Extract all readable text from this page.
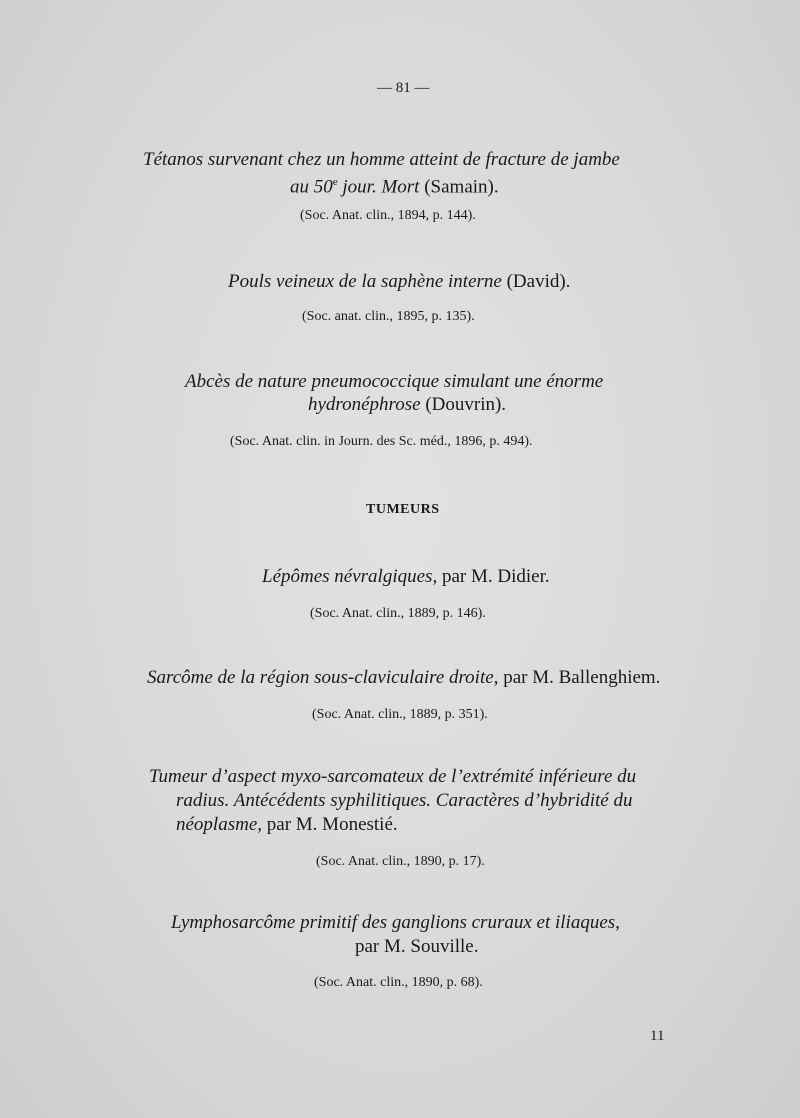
— 81 —
Tétanos survenant chez un homme atteint de fracture de jambe
au 50e jour. Mort (Samain).
(Soc. Anat. clin., 1894, p. 144).
Pouls veineux de la saphène interne (David).
(Soc. anat. clin., 1895, p. 135).
Abcès de nature pneumococcique simulant une énorme
hydronéphrose (Douvrin).
(Soc. Anat. clin. in Journ. des Sc. méd., 1896, p. 494).
TUMEURS
Lépômes névralgiques, par M. Didier.
(Soc. Anat. clin., 1889, p. 146).
Sarcôme de la région sous-claviculaire droite, par M. Ballenghiem.
(Soc. Anat. clin., 1889, p. 351).
Tumeur d’aspect myxo-sarcomateux de l’extrémité inférieure du
radius. Antécédents syphilitiques. Caractères d’hybridité du
néoplasme, par M. Monestié.
(Soc. Anat. clin., 1890, p. 17).
Lymphosarcôme primitif des ganglions cruraux et iliaques,
par M. Souville.
(Soc. Anat. clin., 1890, p. 68).
11
